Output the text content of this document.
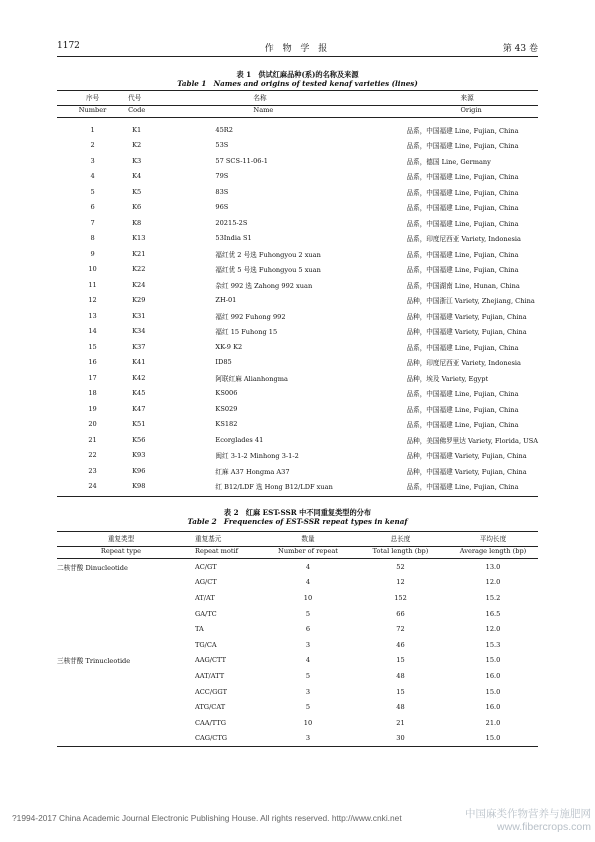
1172	作 物 学 报	第 43 卷
表 1　供试红麻品种(系)的名称及来源
Table 1　Names and origins of tested kenaf varieties (lines)
序号	代号	名称	来源
Number	Code	Name	Origin
1	K1	45R2	品系，中国福建 Line, Fujian, China
2	K2	53S	品系，中国福建 Line, Fujian, China
3	K3	57 SCS-11-06-1	品系，德国 Line, Germany
4	K4	79S	品系，中国福建 Line, Fujian, China
5	K5	83S	品系，中国福建 Line, Fujian, China
6	K6	96S	品系，中国福建 Line, Fujian, China
7	K8	20215-2S	品系，中国福建 Line, Fujian, China
8	K13	53India S1	品系，印度尼西亚 Variety, Indonesia
9	K21	福红优 2 号选 Fuhongyou 2 xuan	品系，中国福建 Line, Fujian, China
10	K22	福红优 5 号选 Fuhongyou 5 xuan	品系，中国福建 Line, Fujian, China
11	K24	杂红 992 选 Zahong 992 xuan	品系，中国湖南 Line, Hunan, China
12	K29	ZH-01	品种，中国浙江 Variety, Zhejiang, China
13	K31	福红 992 Fuhong 992	品种，中国福建 Variety, Fujian, China
14	K34	福红 15 Fuhong 15	品种，中国福建 Variety, Fujian, China
15	K37	XK-9 K2	品系，中国福建 Line, Fujian, China
16	K41	ID85	品种，印度尼西亚 Variety, Indonesia
17	K42	阿联红麻 Alianhongma	品种，埃及 Variety, Egypt
18	K45	KS006	品系，中国福建 Line, Fujian, China
19	K47	KS029	品系，中国福建 Line, Fujian, China
20	K51	KS182	品系，中国福建 Line, Fujian, China
21	K56	Ecorglades 41	品种，美国佛罗里达 Variety, Florida, USA
22	K93	闽红 3-1-2 Minhong 3-1-2	品种，中国福建 Variety, Fujian, China
23	K96	红麻 A37 Hongma A37	品种，中国福建 Variety, Fujian, China
24	K98	红 B12/LDF 选 Hong B12/LDF xuan	品系，中国福建 Line, Fujian, China
表 2　红麻 EST-SSR 中不同重复类型的分布
Table 2　Frequencies of EST-SSR repeat types in kenaf
重复类型	重复基元	数量	总长度	平均长度
Repeat type	Repeat motif	Number of repeat	Total length (bp)	Average length (bp)
二核苷酸 Dinucleotide	AC/GT	4	52	13.0
	AG/CT	4	12	12.0
	AT/AT	10	152	15.2
	GA/TC	5	66	16.5
	TA	6	72	12.0
	TG/CA	3	46	15.3
三核苷酸 Trinucleotide	AAG/CTT	4	15	15.0
	AAT/ATT	5	48	16.0
	ACC/GGT	3	15	15.0
	ATG/CAT	5	48	16.0
	CAA/TTG	10	21	21.0
	CAG/CTG	3	30	15.0
?1994-2017 China Academic Journal Electronic Publishing House. All rights reserved. http://www.cnki.net	中国麻类作物营养与施肥网
www.fibercrops.com
